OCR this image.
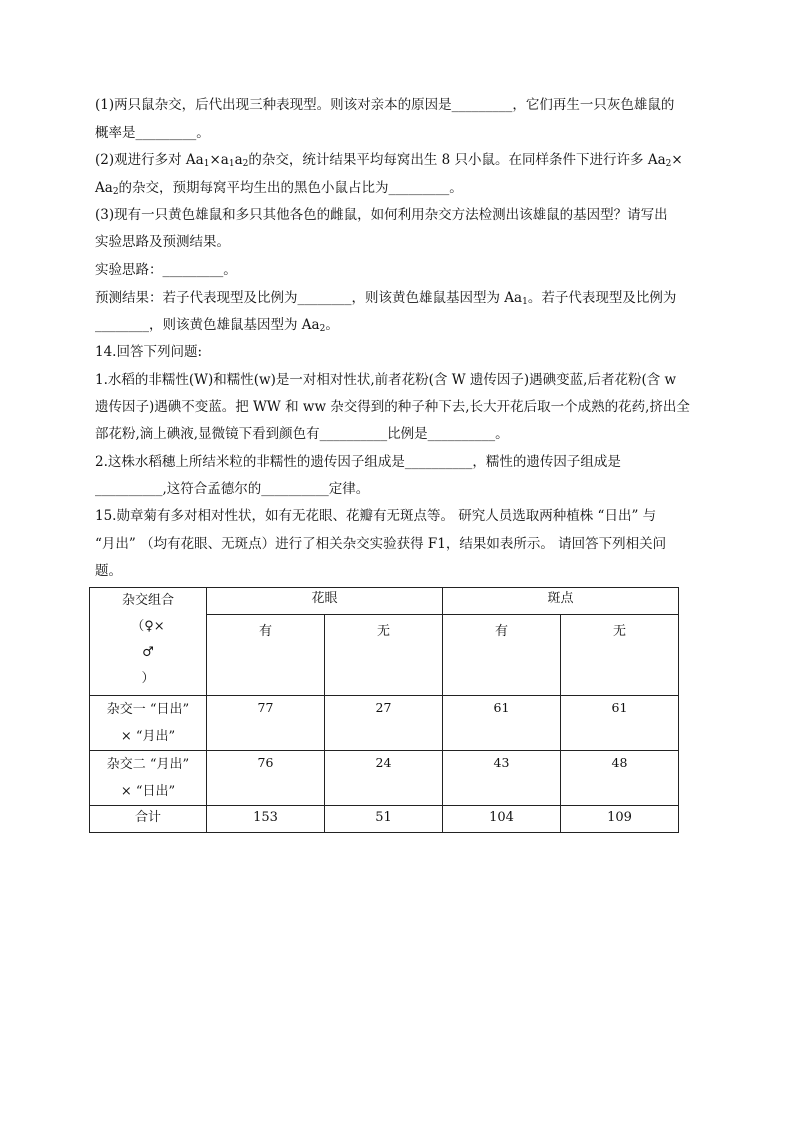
(1)两只鼠杂交，后代出现三种表现型。则该对亲本的原因是_________，它们再生一只灰色雄鼠的
概率是_________。
(2)观进行多对 $Aa_1\times a_1a_2$的杂交，统计结果平均每窝出生 8 只小鼠。在同样条件下进行许多 $Aa_2\times$
$Aa_2$的杂交，预期每窝平均生出的黑色小鼠占比为_________。
(3)现有一只黄色雄鼠和多只其他各色的雌鼠，如何利用杂交方法检测出该雄鼠的基因型？请写出
实验思路及预测结果。
实验思路：_________。
预测结果：若子代表现型及比例为________，则该黄色雄鼠基因型为 $Aa_1$。若子代表现型及比例为
________，则该黄色雄鼠基因型为 $Aa_2$。
14.回答下列问题:
1.水稻的非糯性(W)和糯性(w)是一对相对性状,前者花粉(含 W 遗传因子)遇碘变蓝,后者花粉(含 w
遗传因子)遇碘不变蓝。把 WW 和 ww 杂交得到的种子种下去,长大开花后取一个成熟的花药,挤出全
部花粉,滴上碘液,显微镜下看到颜色有__________比例是__________。
2.这株水稻穗上所结米粒的非糯性的遗传因子组成是__________，糯性的遗传因子组成是
__________,这符合孟德尔的__________定律。
15.勋章菊有多对相对性状，如有无花眼、花瓣有无斑点等。 研究人员选取两种植株 “日出” 与
“月出” （均有花眼、无斑点）进行了相关杂交实验获得 F1，结果如表所示。 请回答下列相关问
题。
杂交组合
（♀×
♂
）	花眼		斑点	

	有	无	有	无

杂交一 “日出”
× “月出”	77	27	61	61

杂交二 “月出”
× “日出”	76	24	43	48

合计	153	51	104	109
